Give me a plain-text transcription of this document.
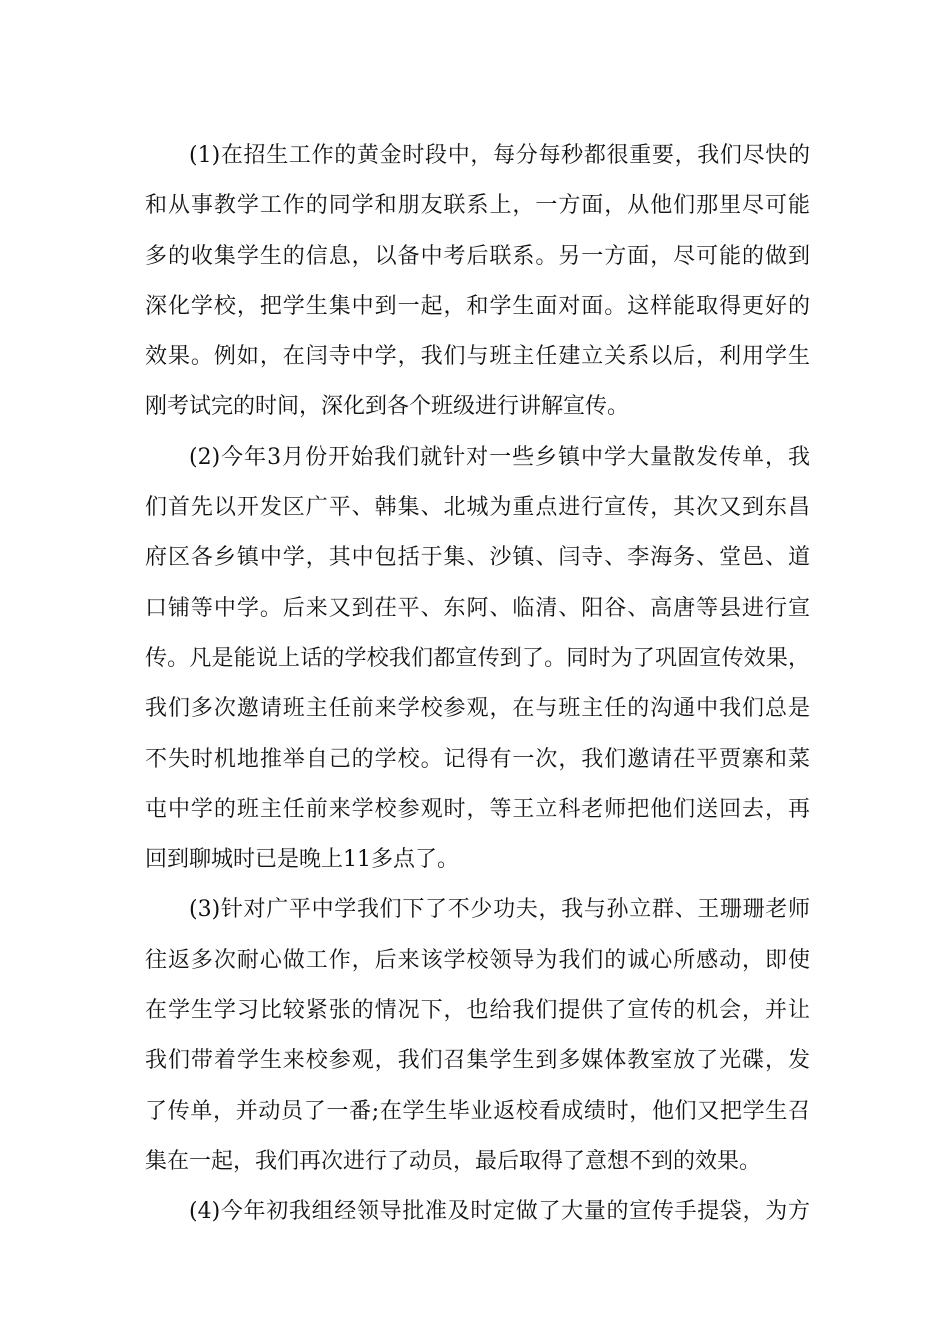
(1)在招生工作的黄金时段中，每分每秒都很重要，我们尽快的
和从事教学工作的同学和朋友联系上，一方面，从他们那里尽可能
多的收集学生的信息，以备中考后联系。另一方面，尽可能的做到
深化学校，把学生集中到一起，和学生面对面。这样能取得更好的
效果。例如，在闫寺中学，我们与班主任建立关系以后，利用学生
刚考试完的时间，深化到各个班级进行讲解宣传。
(2)今年3月份开始我们就针对一些乡镇中学大量散发传单，我
们首先以开发区广平、韩集、北城为重点进行宣传，其次又到东昌
府区各乡镇中学，其中包括于集、沙镇、闫寺、李海务、堂邑、道
口铺等中学。后来又到茌平、东阿、临清、阳谷、高唐等县进行宣
传。凡是能说上话的学校我们都宣传到了。同时为了巩固宣传效果，
我们多次邀请班主任前来学校参观，在与班主任的沟通中我们总是
不失时机地推举自己的学校。记得有一次，我们邀请茌平贾寨和菜
屯中学的班主任前来学校参观时，等王立科老师把他们送回去，再
回到聊城时已是晚上11多点了。
(3)针对广平中学我们下了不少功夫，我与孙立群、王珊珊老师
往返多次耐心做工作，后来该学校领导为我们的诚心所感动，即使
在学生学习比较紧张的情况下，也给我们提供了宣传的机会，并让
我们带着学生来校参观，我们召集学生到多媒体教室放了光碟，发
了传单，并动员了一番;在学生毕业返校看成绩时，他们又把学生召
集在一起，我们再次进行了动员，最后取得了意想不到的效果。
(4)今年初我组经领导批准及时定做了大量的宣传手提袋，为方
